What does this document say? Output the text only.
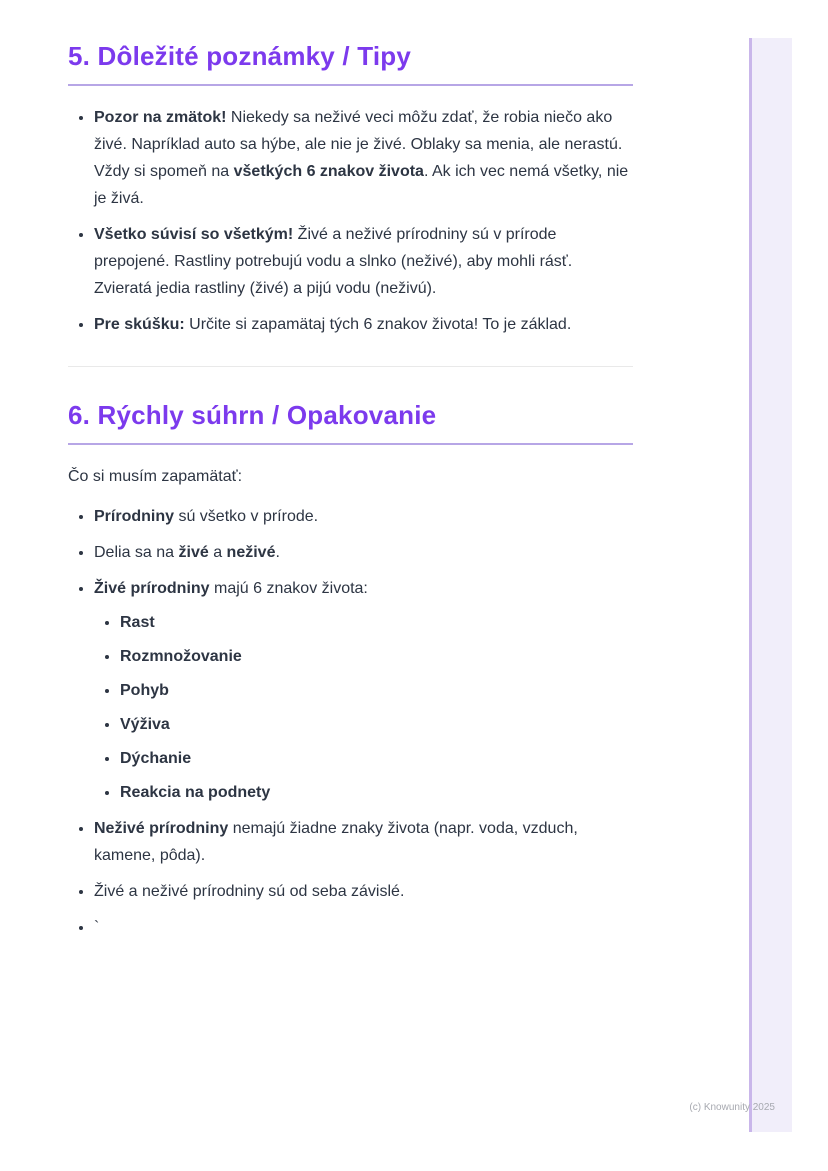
5. Dôležité poznámky / Tipy
• Pozor na zmätok! Niekedy sa neživé veci môžu zdať, že robia niečo ako živé. Napríklad auto sa hýbe, ale nie je živé. Oblaky sa menia, ale nerastú. Vždy si spomeň na všetkých 6 znakov života. Ak ich vec nemá všetky, nie je živá.
• Všetko súvisí so všetkým! Živé a neživé prírodniny sú v prírode prepojené. Rastliny potrebujú vodu a slnko (neživé), aby mohli rásť. Zvieratá jedia rastliny (živé) a pijú vodu (neživú).
• Pre skúšku: Určite si zapamätaj tých 6 znakov života! To je základ.
6. Rýchly súhrn / Opakovanie

Čo si musím zapamätať:

• Prírodniny sú všetko v prírode.
• Delia sa na živé a neživé.
• Živé prírodniny majú 6 znakov života:
• Rast
• Rozmnožovanie
• Pohyb
• Výživa
• Dýchanie
• Reakcia na podnety
• Neživé prírodniny nemajú žiadne znaky života (napr. voda, vzduch, kamene, pôda).
• Živé a neživé prírodniny sú od seba závislé.
• `
(c) Knowunity 2025
